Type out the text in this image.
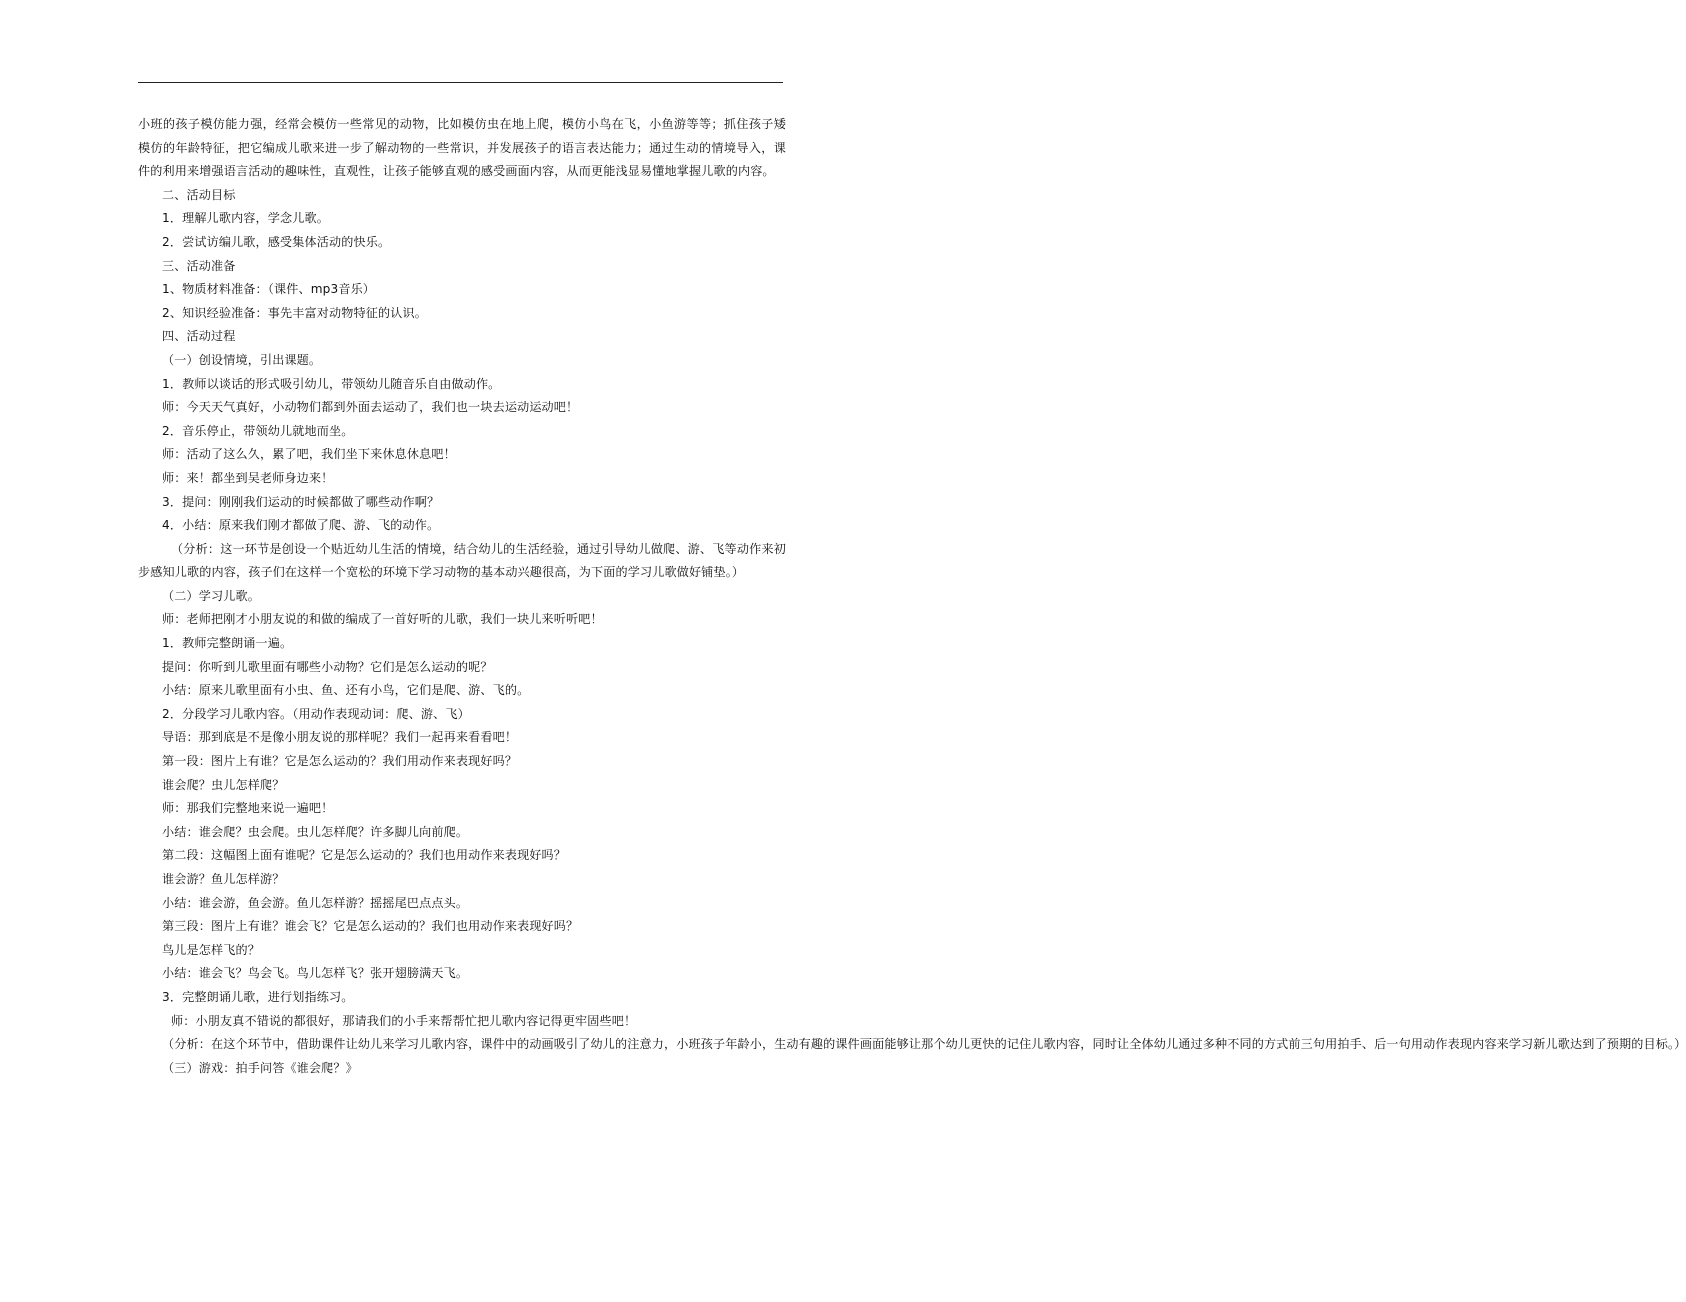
小班的孩子模仿能力强，经常会模仿一些常见的动物，比如模仿虫在地上爬，模仿小鸟在飞，小鱼游等等；抓住孩子矮模仿的年龄特征，把它编成儿歌来进一步了解动物的一些常识，并发展孩子的语言表达能力；通过生动的情境导入，课件的利用来增强语言活动的趣味性，直观性，让孩子能够直观的感受画面内容，从而更能浅显易懂地掌握儿歌的内容。

二、活动目标

1．理解儿歌内容，学念儿歌。

2．尝试访编儿歌，感受集体活动的快乐。

三、活动准备

1、物质材料准备：（课件、mp3音乐）

2、知识经验准备：事先丰富对动物特征的认识。

四、活动过程

（一）创设情境，引出课题。

1．教师以谈话的形式吸引幼儿，带领幼儿随音乐自由做动作。

师：今天天气真好，小动物们都到外面去运动了，我们也一块去运动运动吧！

2．音乐停止，带领幼儿就地而坐。

师：活动了这么久，累了吧，我们坐下来休息休息吧！

师：来！都坐到吴老师身边来！

3．提问：刚刚我们运动的时候都做了哪些动作啊？

4．小结：原来我们刚才都做了爬、游、飞的动作。

（分析：这一环节是创设一个贴近幼儿生活的情境，结合幼儿的生活经验，通过引导幼儿做爬、游、飞等动作来初步感知儿歌的内容，孩子们在这样一个宽松的环境下学习动物的基本动兴趣很高，为下面的学习儿歌做好铺垫。）

（二）学习儿歌。

师：老师把刚才小朋友说的和做的编成了一首好听的儿歌，我们一块儿来听听吧！

1．教师完整朗诵一遍。

提问：你听到儿歌里面有哪些小动物？它们是怎么运动的呢？

小结：原来儿歌里面有小虫、鱼、还有小鸟，它们是爬、游、飞的。

2．分段学习儿歌内容。（用动作表现动词：爬、游、飞）

导语：那到底是不是像小朋友说的那样呢？我们一起再来看看吧！

第一段：图片上有谁？它是怎么运动的？我们用动作来表现好吗？

谁会爬？虫儿怎样爬？

师：那我们完整地来说一遍吧！

小结：谁会爬？虫会爬。虫儿怎样爬？许多脚儿向前爬。

第二段：这幅图上面有谁呢？它是怎么运动的？我们也用动作来表现好吗？

谁会游？鱼儿怎样游？

小结：谁会游，鱼会游。鱼儿怎样游？摇摇尾巴点点头。

第三段：图片上有谁？谁会飞？它是怎么运动的？我们也用动作来表现好吗？

鸟儿是怎样飞的？

小结：谁会飞？鸟会飞。鸟儿怎样飞？张开翅膀满天飞。

3．完整朗诵儿歌，进行划指练习。

师：小朋友真不错说的都很好，那请我们的小手来帮帮忙把儿歌内容记得更牢固些吧！

（分析：在这个环节中，借助课件让幼儿来学习儿歌内容，课件中的动画吸引了幼儿的注意力，小班孩子年龄小，生动有趣的课件画面能够让那个幼儿更快的记住儿歌内容，同时让全体幼儿通过多种不同的方式前三句用拍手、后一句用动作表现内容来学习新儿歌达到了预期的目标。）

（三）游戏：拍手问答《谁会爬？》
